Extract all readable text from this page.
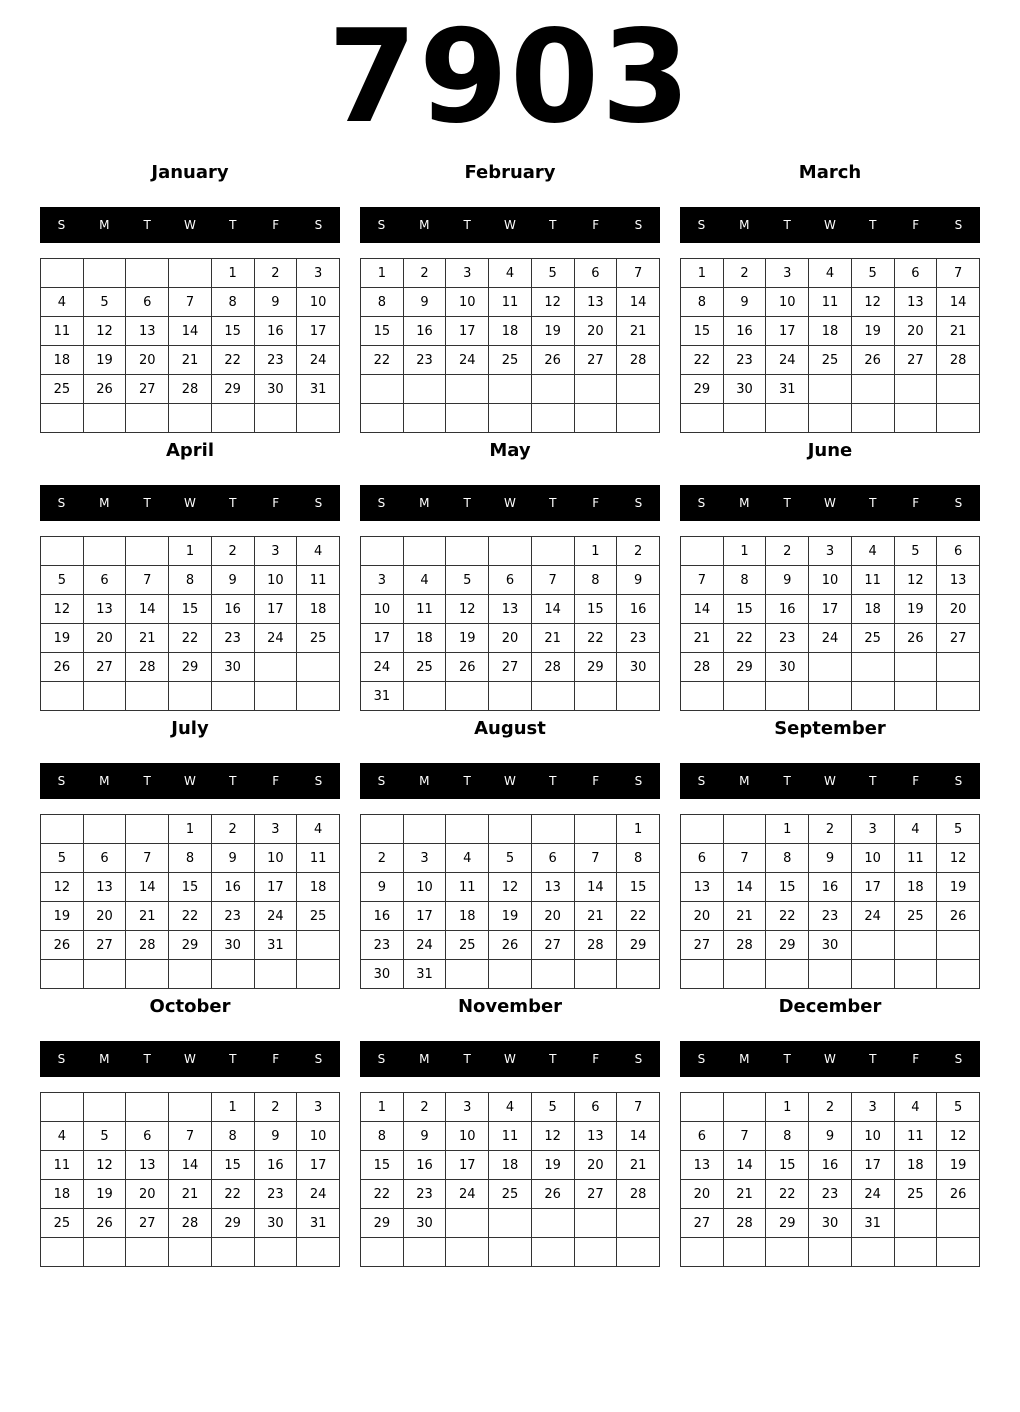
7903
January
S	M	T	W	T	F	S
				1	2	3
4	5	6	7	8	9	10
11	12	13	14	15	16	17
18	19	20	21	22	23	24
25	26	27	28	29	30	31

February
S	M	T	W	T	F	S
1	2	3	4	5	6	7
8	9	10	11	12	13	14
15	16	17	18	19	20	21
22	23	24	25	26	27	28

March
S	M	T	W	T	F	S
1	2	3	4	5	6	7
8	9	10	11	12	13	14
15	16	17	18	19	20	21
22	23	24	25	26	27	28
29	30	31				

April
S	M	T	W	T	F	S
			1	2	3	4
5	6	7	8	9	10	11
12	13	14	15	16	17	18
19	20	21	22	23	24	25
26	27	28	29	30		

May
S	M	T	W	T	F	S
					1	2
3	4	5	6	7	8	9
10	11	12	13	14	15	16
17	18	19	20	21	22	23
24	25	26	27	28	29	30
31						
June
S	M	T	W	T	F	S
	1	2	3	4	5	6
7	8	9	10	11	12	13
14	15	16	17	18	19	20
21	22	23	24	25	26	27
28	29	30				

July
S	M	T	W	T	F	S
			1	2	3	4
5	6	7	8	9	10	11
12	13	14	15	16	17	18
19	20	21	22	23	24	25
26	27	28	29	30	31	

August
S	M	T	W	T	F	S
						1
2	3	4	5	6	7	8
9	10	11	12	13	14	15
16	17	18	19	20	21	22
23	24	25	26	27	28	29
30	31					
September
S	M	T	W	T	F	S
		1	2	3	4	5
6	7	8	9	10	11	12
13	14	15	16	17	18	19
20	21	22	23	24	25	26
27	28	29	30			

October
S	M	T	W	T	F	S
				1	2	3
4	5	6	7	8	9	10
11	12	13	14	15	16	17
18	19	20	21	22	23	24
25	26	27	28	29	30	31

November
S	M	T	W	T	F	S
1	2	3	4	5	6	7
8	9	10	11	12	13	14
15	16	17	18	19	20	21
22	23	24	25	26	27	28
29	30					

December
S	M	T	W	T	F	S
		1	2	3	4	5
6	7	8	9	10	11	12
13	14	15	16	17	18	19
20	21	22	23	24	25	26
27	28	29	30	31		
